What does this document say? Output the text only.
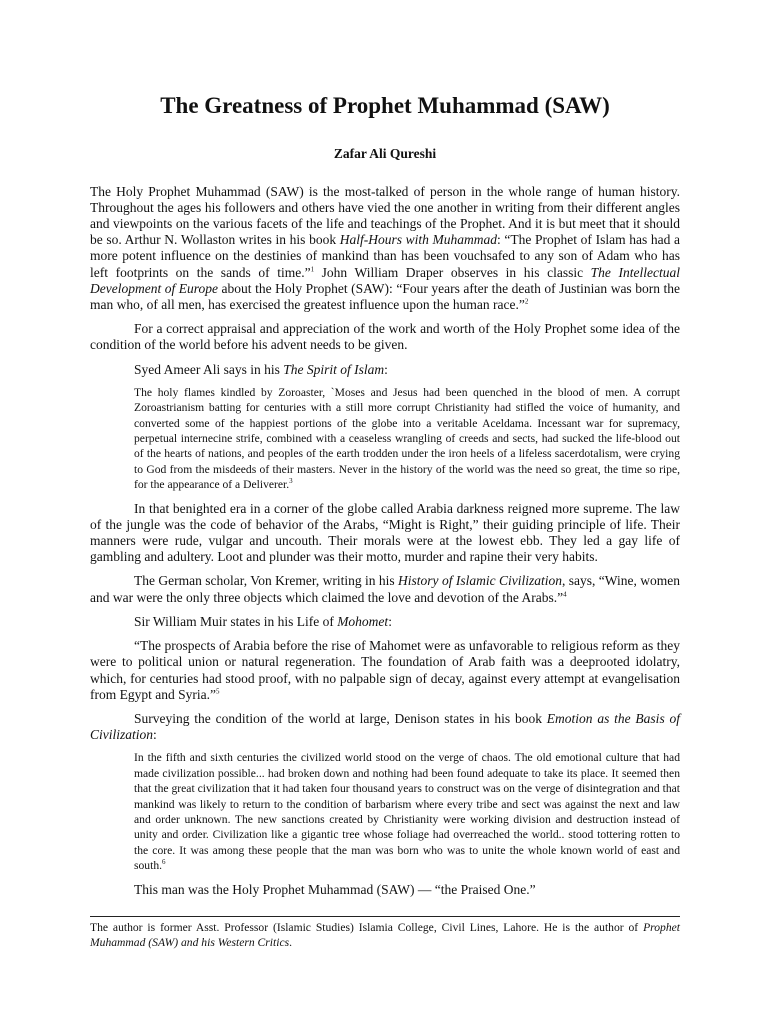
The Greatness of Prophet Muhammad (SAW)
Zafar Ali Qureshi

The Holy Prophet Muhammad (SAW) is the most-talked of person in the whole range of human history. Throughout the ages his followers and others have vied the one another in writing from their different angles and viewpoints on the various facets of the life and teachings of the Prophet. And it is but meet that it should be so. Arthur N. Wollaston writes in his book Half-Hours with Muhammad: “The Prophet of Islam has had a more potent influence on the destinies of mankind than has been vouchsafed to any son of Adam who has left footprints on the sands of time.”$^1$ John William Draper observes in his classic The Intellectual Development of Europe about the Holy Prophet (SAW): “Four years after the death of Justinian was born the man who, of all men, has exercised the greatest influence upon the human race.”$^2$

For a correct appraisal and appreciation of the work and worth of the Holy Prophet some idea of the condition of the world before his advent needs to be given.

Syed Ameer Ali says in his The Spirit of Islam:

The holy flames kindled by Zoroaster, `Moses and Jesus had been quenched in the blood of men. A corrupt Zoroastrianism batting for centuries with a still more corrupt Christianity had stifled the voice of humanity, and converted some of the happiest portions of the globe into a veritable Aceldama. Incessant war for supremacy, perpetual internecine strife, combined with a ceaseless wrangling of creeds and sects, had sucked the life-blood out of the hearts of nations, and peoples of the earth trodden under the iron heels of a lifeless sacerdotalism, were crying to God from the misdeeds of their masters. Never in the history of the world was the need so great, the time so ripe, for the appearance of a Deliverer.$^3$

In that benighted era in a corner of the globe called Arabia darkness reigned more supreme. The law of the jungle was the code of behavior of the Arabs, “Might is Right,” their guiding principle of life. Their manners were rude, vulgar and uncouth. Their morals were at the lowest ebb. They led a gay life of gambling and adultery. Loot and plunder was their motto, murder and rapine their very habits.

The German scholar, Von Kremer, writing in his History of Islamic Civilization, says, “Wine, women and war were the only three objects which claimed the love and devotion of the Arabs.”$^4$

Sir William Muir states in his Life of Mohomet:

“The prospects of Arabia before the rise of Mahomet were as unfavorable to religious reform as they were to political union or natural regeneration. The foundation of Arab faith was a deeprooted idolatry, which, for centuries had stood proof, with no palpable sign of decay, against every attempt at evangelisation from Egypt and Syria.”$^5$

Surveying the condition of the world at large, Denison states in his book Emotion as the Basis of Civilization:

In the fifth and sixth centuries the civilized world stood on the verge of chaos. The old emotional culture that had made civilization possible... had broken down and nothing had been found adequate to take its place. It seemed then that the great civilization that it had taken four thousand years to construct was on the verge of disintegration and that mankind was likely to return to the condition of barbarism where every tribe and sect was against the next and law and order unknown. The new sanctions created by Christianity were working division and destruction instead of unity and order. Civilization like a gigantic tree whose foliage had overreached the world.. stood tottering rotten to the core. It was among these people that the man was born who was to unite the whole known world of east and south.$^6$

This man was the Holy Prophet Muhammad (SAW) — “the Praised One.”

The author is former Asst. Professor (Islamic Studies) Islamia College, Civil Lines, Lahore. He is the author of Prophet Muhammad (SAW) and his Western Critics.
